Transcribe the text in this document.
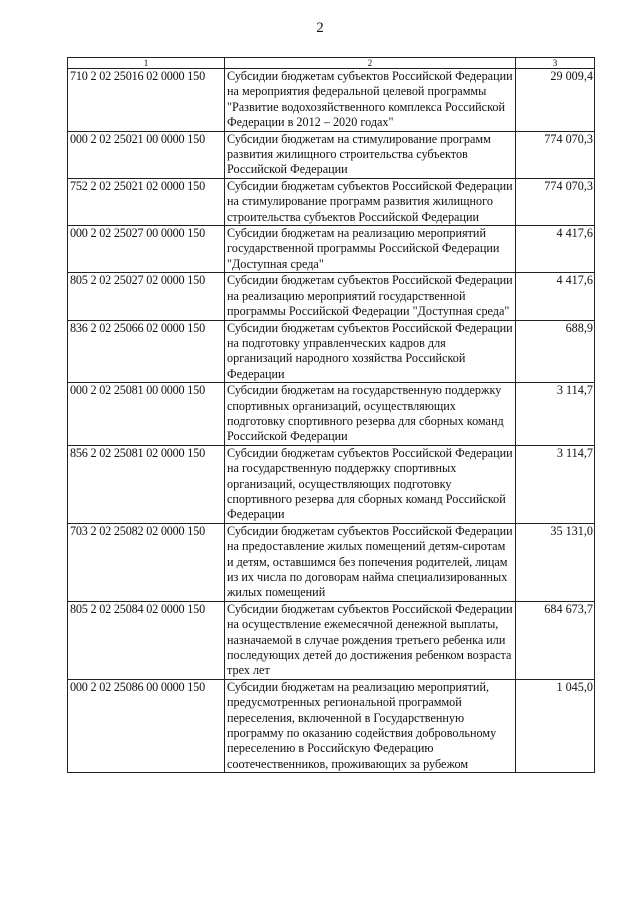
2
1	2	3
710 2 02 25016 02 0000 150	Субсидии бюджетам субъектов Российской Федерации на мероприятия федеральной целевой программы "Развитие водохозяйственного комплекса Российской Федерации в 2012 – 2020 годах"	29 009,4
000 2 02 25021 00 0000 150	Субсидии бюджетам на стимулирование программ развития жилищного строительства субъектов Российской Федерации	774 070,3
752 2 02 25021 02 0000 150	Субсидии бюджетам субъектов Российской Федерации на стимулирование программ развития жилищного строительства субъектов Российской Федерации	774 070,3
000 2 02 25027 00 0000 150	Субсидии бюджетам на реализацию мероприятий государственной программы Российской Федерации "Доступная среда"	4 417,6
805 2 02 25027 02 0000 150	Субсидии бюджетам субъектов Российской Федерации на реализацию мероприятий государственной программы Российской Федерации "Доступная среда"	4 417,6
836 2 02 25066 02 0000 150	Субсидии бюджетам субъектов Российской Федерации на подготовку управленческих кадров для организаций народного хозяйства Российской Федерации	688,9
000 2 02 25081 00 0000 150	Субсидии бюджетам на государственную поддержку спортивных организаций, осуществляющих подготовку спортивного резерва для сборных команд Российской Федерации	3 114,7
856 2 02 25081 02 0000 150	Субсидии бюджетам субъектов Российской Федерации на государственную поддержку спортивных организаций, осуществляющих подготовку спортивного резерва для сборных команд Российской Федерации	3 114,7
703 2 02 25082 02 0000 150	Субсидии бюджетам субъектов Российской Федерации на предоставление жилых помещений детям-сиротам и детям, оставшимся без попечения родителей, лицам из их числа по договорам найма специализированных жилых помещений	35 131,0
805 2 02 25084 02 0000 150	Субсидии бюджетам субъектов Российской Федерации на осуществление ежемесячной денежной выплаты, назначаемой в случае рождения третьего ребенка или последующих детей до достижения ребенком возраста трех лет	684 673,7
000 2 02 25086 00 0000 150	Субсидии бюджетам на реализацию мероприятий, предусмотренных региональной программой переселения, включенной в Государственную программу по оказанию содействия добровольному переселению в Российскую Федерацию соотечественников, проживающих за рубежом	1 045,0
